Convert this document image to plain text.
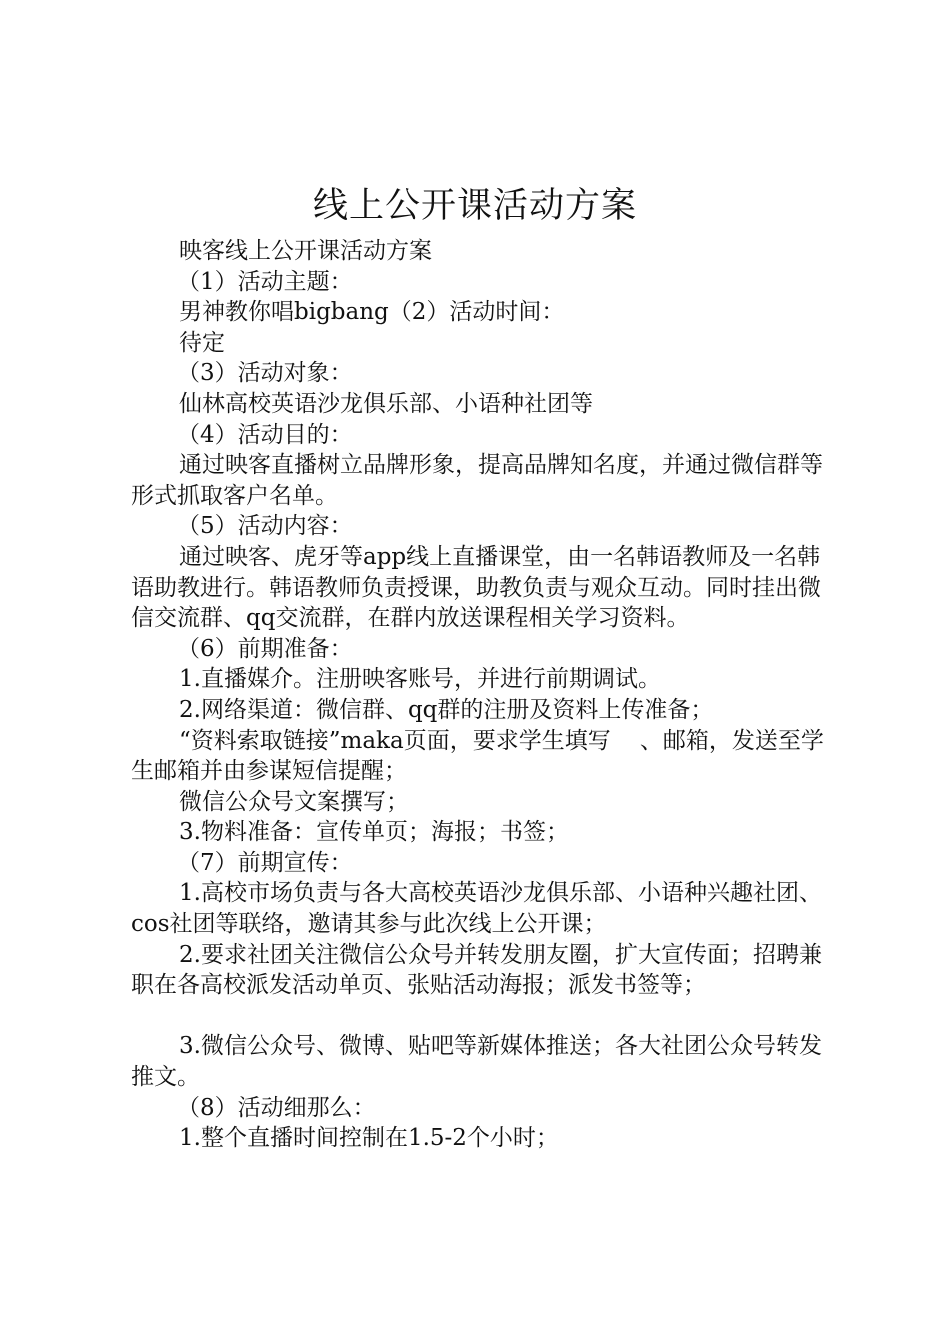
线上公开课活动方案

映客线上公开课活动方案

（1）活动主题：

男神教你唱bigbang（2）活动时间：

待定

（3）活动对象：

仙林高校英语沙龙俱乐部、小语种社团等

（4）活动目的：

通过映客直播树立品牌形象，提高品牌知名度，并通过微信群等形式抓取客户名单。

（5）活动内容：

通过映客、虎牙等app线上直播课堂，由一名韩语教师及一名韩语助教进行。韩语教师负责授课，助教负责与观众互动。同时挂出微信交流群、qq交流群，在群内放送课程相关学习资料。

（6）前期准备：

1.直播媒介。注册映客账号，并进行前期调试。

2.网络渠道：微信群、qq群的注册及资料上传准备；

“资料索取链接”maka页面，要求学生填写    、邮箱，发送至学生邮箱并由参谋短信提醒；

微信公众号文案撰写；

3.物料准备：宣传单页；海报；书签；

（7）前期宣传：

1.高校市场负责与各大高校英语沙龙俱乐部、小语种兴趣社团、cos社团等联络，邀请其参与此次线上公开课；

2.要求社团关注微信公众号并转发朋友圈，扩大宣传面；招聘兼职在各高校派发活动单页、张贴活动海报；派发书签等；

3.微信公众号、微博、贴吧等新媒体推送；各大社团公众号转发推文。

（8）活动细那么：

1.整个直播时间控制在1.5-2个小时；
